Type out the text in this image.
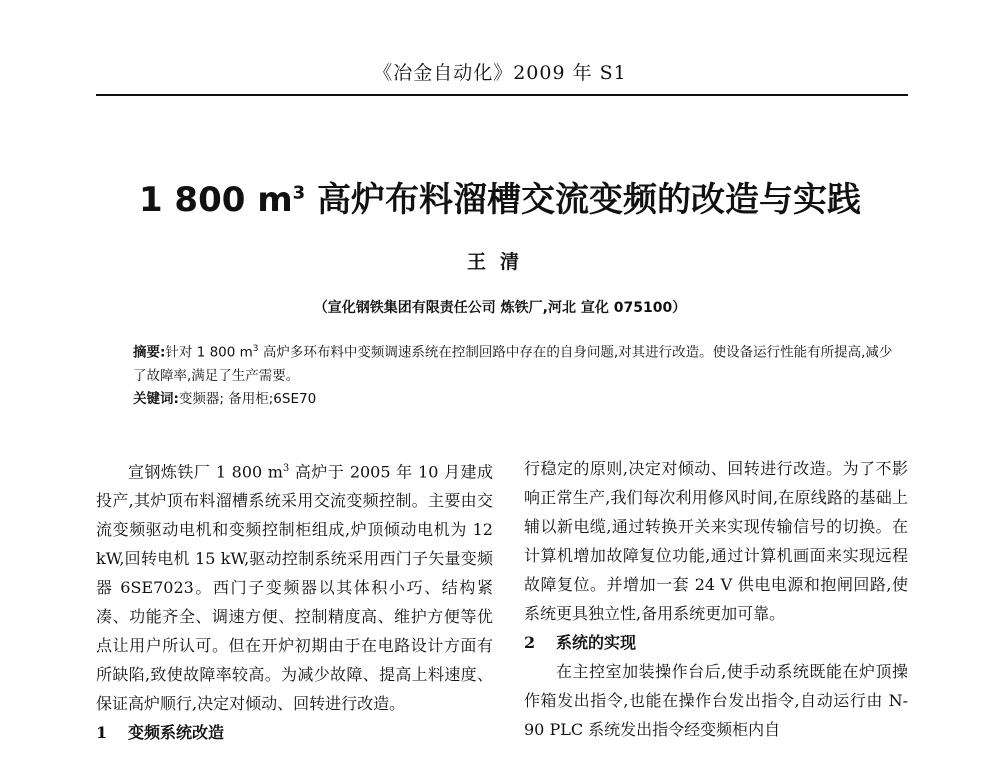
《冶金自动化》2009 年 S1
1 800 $m^3$ 高炉布料溜槽交流变频的改造与实践
王清
（宣化钢铁集团有限责任公司 炼铁厂,河北 宣化 075100）
摘要:针对 1 800 $m^3$ 高炉多环布料中变频调速系统在控制回路中存在的自身问题,对其进行改造。使设备运行性能有所提高,减少了故障率,满足了生产需要。
关键词:变频器; 备用柜;6SE70

宣钢炼铁厂 1 800 $m^3$ 高炉于 2005 年 10 月建成投产,其炉顶布料溜槽系统采用交流变频控制。主要由交流变频驱动电机和变频控制柜组成,炉顶倾动电机为 12 kW,回转电机 15 kW,驱动控制系统采用西门子矢量变频器 6SE7023。西门子变频器以其体积小巧、结构紧凑、功能齐全、调速方便、控制精度高、维护方便等优点让用户所认可。但在开炉初期由于在电路设计方面有所缺陷,致使故障率较高。为减少故障、提高上料速度、保证高炉顺行,决定对倾动、回转进行改造。

1 变频系统改造

行稳定的原则,决定对倾动、回转进行改造。为了不影响正常生产,我们每次利用修风时间,在原线路的基础上辅以新电缆,通过转换开关来实现传输信号的切换。在计算机增加故障复位功能,通过计算机画面来实现远程故障复位。并增加一套 24 V 供电电源和抱闸回路,使系统更具独立性,备用系统更加可靠。

2 系统的实现

在主控室加装操作台后,使手动系统既能在炉顶操作箱发出指令,也能在操作台发出指令,自动运行由 N-90 PLC 系统发出指令经变频柜内自
